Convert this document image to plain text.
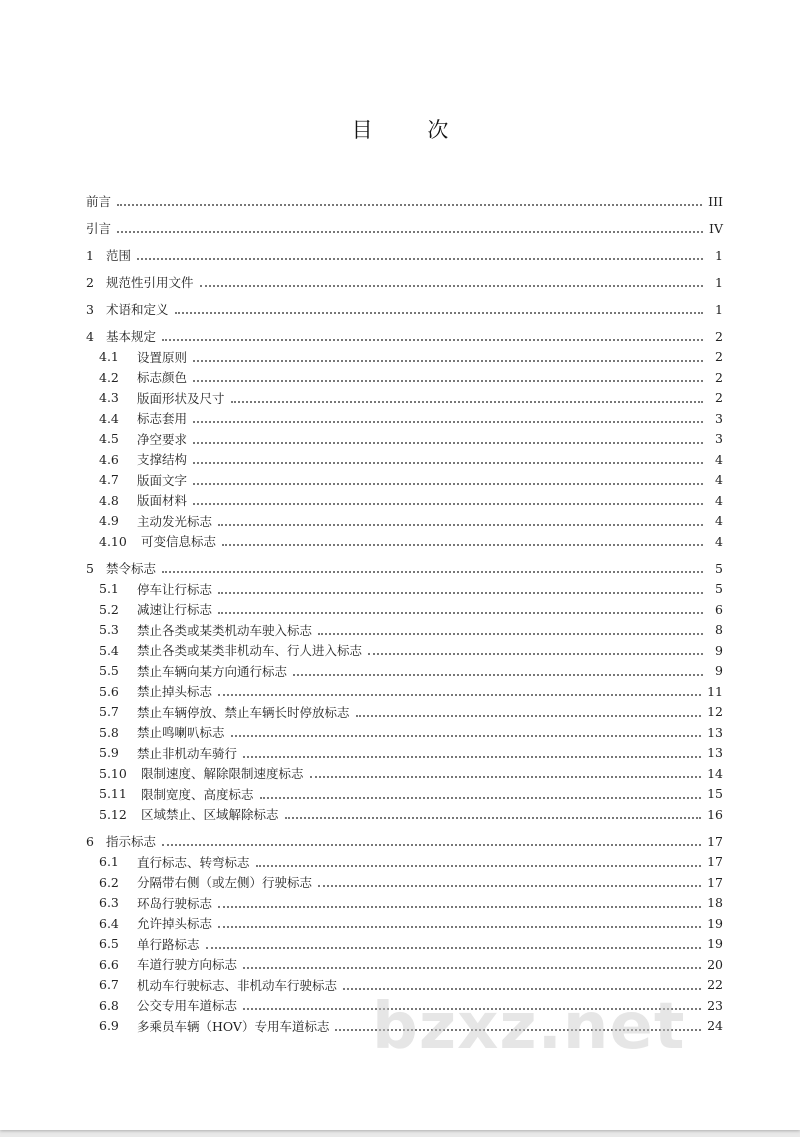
目 次
前言	III
引言	IV
1 范围	1
2 规范性引用文件	1
3 术语和定义	1
4 基本规定	2
4.1	设置原则	2
4.2	标志颜色	2
4.3	版面形状及尺寸	2
4.4	标志套用	3
4.5	净空要求	3
4.6	支撑结构	4
4.7	版面文字	4
4.8	版面材料	4
4.9	主动发光标志	4
4.10	可变信息标志	4
5 禁令标志	5
5.1	停车让行标志	5
5.2	减速让行标志	6
5.3	禁止各类或某类机动车驶入标志	8
5.4	禁止各类或某类非机动车、行人进入标志	9
5.5	禁止车辆向某方向通行标志	9
5.6	禁止掉头标志	11
5.7	禁止车辆停放、禁止车辆长时停放标志	12
5.8	禁止鸣喇叭标志	13
5.9	禁止非机动车骑行	13
5.10	限制速度、解除限制速度标志	14
5.11	限制宽度、高度标志	15
5.12	区域禁止、区域解除标志	16
6 指示标志	17
6.1	直行标志、转弯标志	17
6.2	分隔带右侧（或左侧）行驶标志	17
6.3	环岛行驶标志	18
6.4	允许掉头标志	19
6.5	单行路标志	19
6.6	车道行驶方向标志	20
6.7	机动车行驶标志、非机动车行驶标志	22
6.8	公交专用车道标志	23
6.9	多乘员车辆（HOV）专用车道标志	24
bzxz.net
